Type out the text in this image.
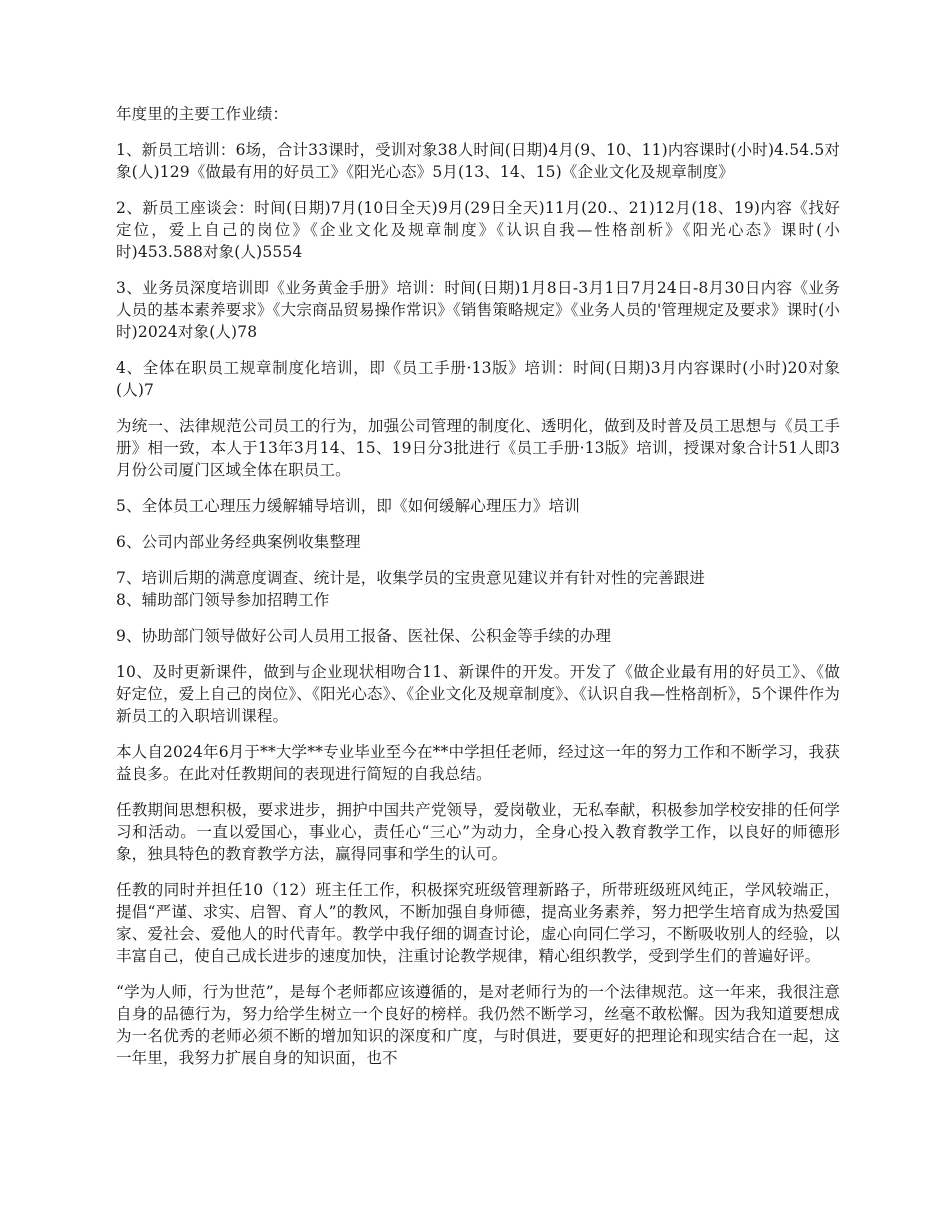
年度里的主要工作业绩：

1、新员工培训：6场，合计33课时，受训对象38人时间(日期)4月(9、10、11)内容课时(小时)4.54.5对象(人)129《做最有用的好员工》《阳光心态》5月(13、14、15)《企业文化及规章制度》

2、新员工座谈会：时间(日期)7月(10日全天)9月(29日全天)11月(20.、21)12月(18、19)内容《找好定位，爱上自己的岗位》《企业文化及规章制度》《认识自我—性格剖析》《阳光心态》课时(小时)453.588对象(人)5554

3、业务员深度培训即《业务黄金手册》培训：时间(日期)1月8日-3月1日7月24日-8月30日内容《业务人员的基本素养要求》《大宗商品贸易操作常识》《销售策略规定》《业务人员的'管理规定及要求》课时(小时)2024对象(人)78

4、全体在职员工规章制度化培训，即《员工手册·13版》培训：时间(日期)3月内容课时(小时)20对象(人)7

为统一、法律规范公司员工的行为，加强公司管理的制度化、透明化，做到及时普及员工思想与《员工手册》相一致，本人于13年3月14、15、19日分3批进行《员工手册·13版》培训，授课对象合计51人即3月份公司厦门区域全体在职员工。

5、全体员工心理压力缓解辅导培训，即《如何缓解心理压力》培训

6、公司内部业务经典案例收集整理

7、培训后期的满意度调查、统计是，收集学员的宝贵意见建议并有针对性的完善跟进

8、辅助部门领导参加招聘工作

9、协助部门领导做好公司人员用工报备、医社保、公积金等手续的办理

10、及时更新课件，做到与企业现状相吻合11、新课件的开发。开发了《做企业最有用的好员工》、《做好定位，爱上自己的岗位》、《阳光心态》、《企业文化及规章制度》、《认识自我—性格剖析》，5个课件作为新员工的入职培训课程。

本人自2024年6月于**大学**专业毕业至今在**中学担任老师，经过这一年的努力工作和不断学习，我获益良多。在此对任教期间的表现进行简短的自我总结。

任教期间思想积极，要求进步，拥护中国共产党领导，爱岗敬业，无私奉献，积极参加学校安排的任何学习和活动。一直以爱国心，事业心，责任心“三心”为动力，全身心投入教育教学工作，以良好的师德形象，独具特色的教育教学方法，赢得同事和学生的认可。

任教的同时并担任10（12）班主任工作，积极探究班级管理新路子，所带班级班风纯正，学风较端正，提倡“严谨、求实、启智、育人”的教风，不断加强自身师德，提高业务素养，努力把学生培育成为热爱国家、爱社会、爱他人的时代青年。教学中我仔细的调查讨论，虚心向同仁学习，不断吸收别人的经验，以丰富自己，使自己成长进步的速度加快，注重讨论教学规律，精心组织教学，受到学生们的普遍好评。

“学为人师，行为世范”，是每个老师都应该遵循的，是对老师行为的一个法律规范。这一年来，我很注意自身的品德行为，努力给学生树立一个良好的榜样。我仍然不断学习，丝毫不敢松懈。因为我知道要想成为一名优秀的老师必须不断的增加知识的深度和广度，与时俱进，要更好的把理论和现实结合在一起，这一年里，我努力扩展自身的知识面，也不
